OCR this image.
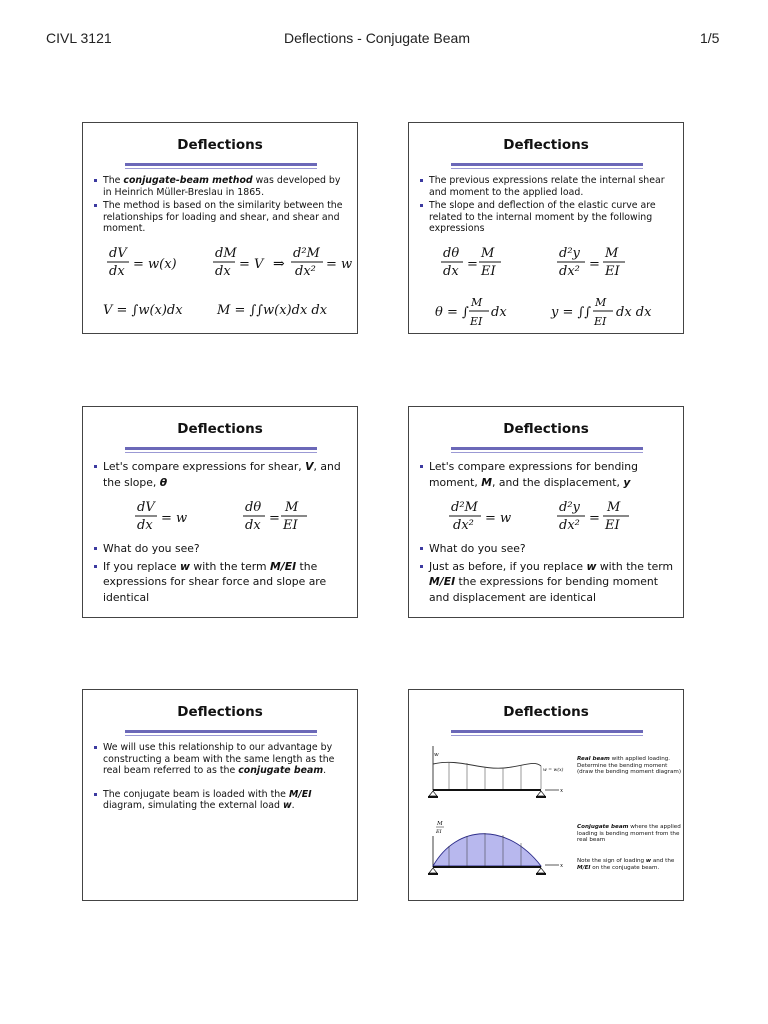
CIVL 3121	Deflections - Conjugate Beam	1/5
Deflections

The conjugate-beam method was developed by in Heinrich Müller-Breslau in 1865.

The method is based on the similarity between the relationships for loading and shear, and shear and moment.

dV
dx = w(x)
dM
dx = V ⇒
d²M
dx² = w
V = ∫w(x)dx	M = ∫∫w(x)dx dx
Deflections

The previous expressions relate the internal shear and moment to the applied load.

The slope and deflection of the elastic curve are related to the internal moment by the following expressions

dθ
dx =
M
EI
d²y
dx² =
M
EI
θ = ∫
M
EI
dx	y = ∫∫
M
EI
dx dx
Deflections

Let's compare expressions for shear, V, and the slope, θ

dV
dx = w
dθ
dx =
M
EI

What do you see?

If you replace w with the term M/EI the expressions for shear force and slope are identical

Deflections

Let's compare expressions for bending moment, M, and the displacement, y

d²M
dx² = w
d²y
dx² =
M
EI

What do you see?

Just as before, if you replace w with the term M/EI the expressions for bending moment and displacement are identical

Deflections

We will use this relationship to our advantage by constructing a beam with the same length as the real beam referred to as the conjugate beam.

The conjugate beam is loaded with the M/EI diagram, simulating the external load w.

Deflections
w
w = w(x)
x
Real beam with applied loading. Determine the bending moment (draw the bending moment diagram)
M
EI
x
Conjugate beam where the applied loading is bending moment from the real beam
Note the sign of loading w and the M/EI on the conjugate beam.
